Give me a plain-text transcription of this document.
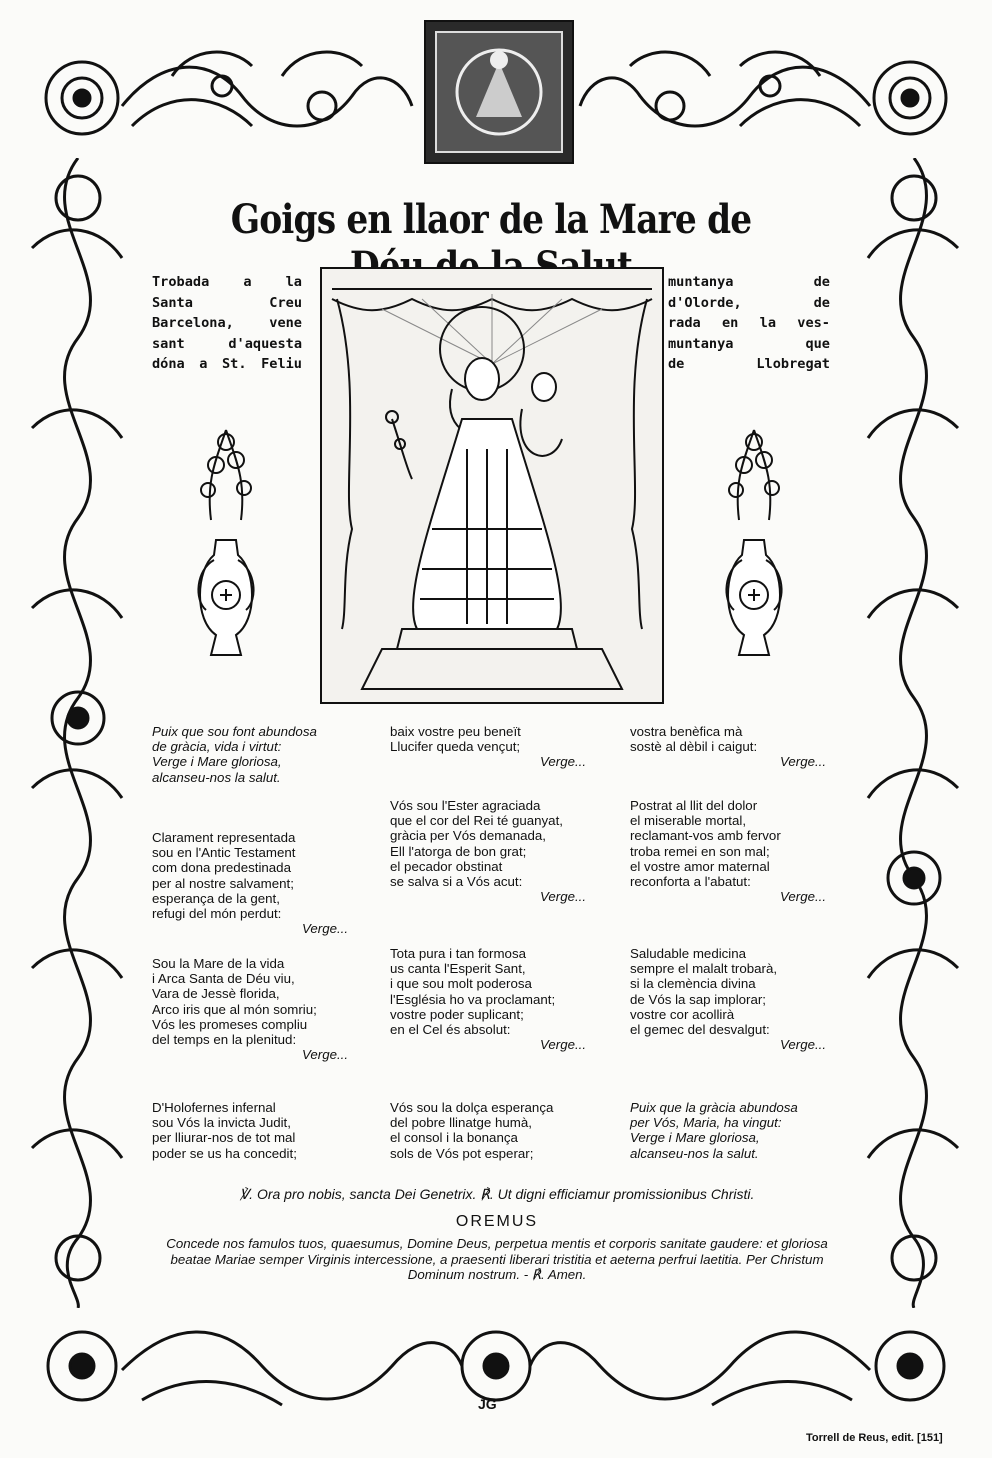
Goigs en llaor de la Mare de
Trobada a la
Santa Creu
Barcelona, vene
sant d'aquesta
dóna a St. Feliu
muntanya de
d'Olorde, de
rada en la ves-
muntanya que
de Llobregat

Puix que sou font abundosa

de gràcia, vida i virtut:

Verge i Mare gloriosa,

alcanseu-nos la salut.

Clarament representada

sou en l'Antic Testament

com dona predestinada

per al nostre salvament;

esperança de la gent,

refugi del món perdut:

Verge...

Sou la Mare de la vida

i Arca Santa de Déu viu,

Vara de Jessè florida,

Arco iris que al món somriu;

Vós les promeses compliu

del temps en la plenitud:

Verge...

D'Holofernes infernal

sou Vós la invicta Judit,

per lliurar-nos de tot mal

poder se us ha concedit;

baix vostre peu beneït

Llucifer queda vençut;

Verge...

Vós sou l'Ester agraciada

que el cor del Rei té guanyat,

gràcia per Vós demanada,

Ell l'atorga de bon grat;

el pecador obstinat

se salva si a Vós acut:

Verge...

Tota pura i tan formosa

us canta l'Esperit Sant,

i que sou molt poderosa

l'Església ho va proclamant;

vostre poder suplicant;

en el Cel és absolut:

Verge...

Vós sou la dolça esperança

del pobre llinatge humà,

el consol i la bonança

sols de Vós pot esperar;

vostra benèfica mà

sostè al dèbil i caigut:

Verge...

Postrat al llit del dolor

el miserable mortal,

reclamant-vos amb fervor

troba remei en son mal;

el vostre amor maternal

reconforta a l'abatut:

Verge...

Saludable medicina

sempre el malalt trobarà,

si la clemència divina

de Vós la sap implorar;

vostre cor acollirà

el gemec del desvalgut:

Verge...

Puix que la gràcia abundosa

per Vós, Maria, ha vingut:

Verge i Mare gloriosa,

alcanseu-nos la salut.

℣. Ora pro nobis, sancta Dei Genetrix. ℟. Ut digni efficiamur promissionibus Christi.
OREMUS
Concede nos famulos tuos, quaesumus, Domine Deus, perpetua mentis et corporis sanitate gaudere: et gloriosa beatae Mariae semper Virginis intercessione, a praesenti liberari tristitia et aeterna perfrui laetitia. Per Christum Dominum nostrum. - ℟. Amen.
JG
Torrell de Reus, edit. [151]
